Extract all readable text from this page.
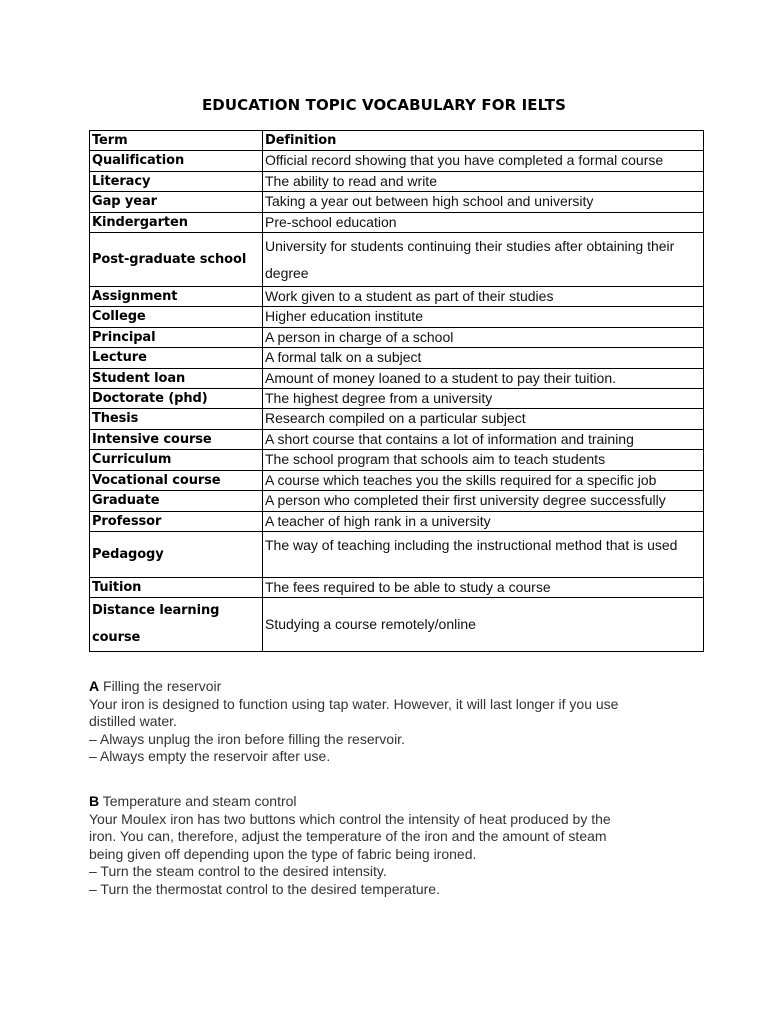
EDUCATION TOPIC VOCABULARY FOR IELTS
Term	Definition
Qualification	Official record showing that you have completed a formal course
Literacy	The ability to read and write
Gap year	Taking a year out between high school and university
Kindergarten	Pre-school education
Post-graduate school	University for students continuing their studies after obtaining their degree
Assignment	Work given to a student as part of their studies
College	Higher education institute
Principal	A person in charge of a school
Lecture	A formal talk on a subject
Student loan	Amount of money loaned to a student to pay their tuition.
Doctorate (phd)	The highest degree from a university
Thesis	Research compiled on a particular subject
Intensive course	A short course that contains a lot of information and training
Curriculum	The school program that schools aim to teach students
Vocational course	A course which teaches you the skills required for a specific job
Graduate	A person who completed their first university degree successfully
Professor	A teacher of high rank in a university
Pedagogy	The way of teaching including the instructional method that is used
Tuition	The fees required to be able to study a course
Distance learning course	Studying a course remotely/online

A Filling the reservoir

Your iron is designed to function using tap water. However, it will last longer if you use

distilled water.

– Always unplug the iron before filling the reservoir.

– Always empty the reservoir after use.

B Temperature and steam control

Your Moulex iron has two buttons which control the intensity of heat produced by the

iron. You can, therefore, adjust the temperature of the iron and the amount of steam

being given off depending upon the type of fabric being ironed.

– Turn the steam control to the desired intensity.

– Turn the thermostat control to the desired temperature.
